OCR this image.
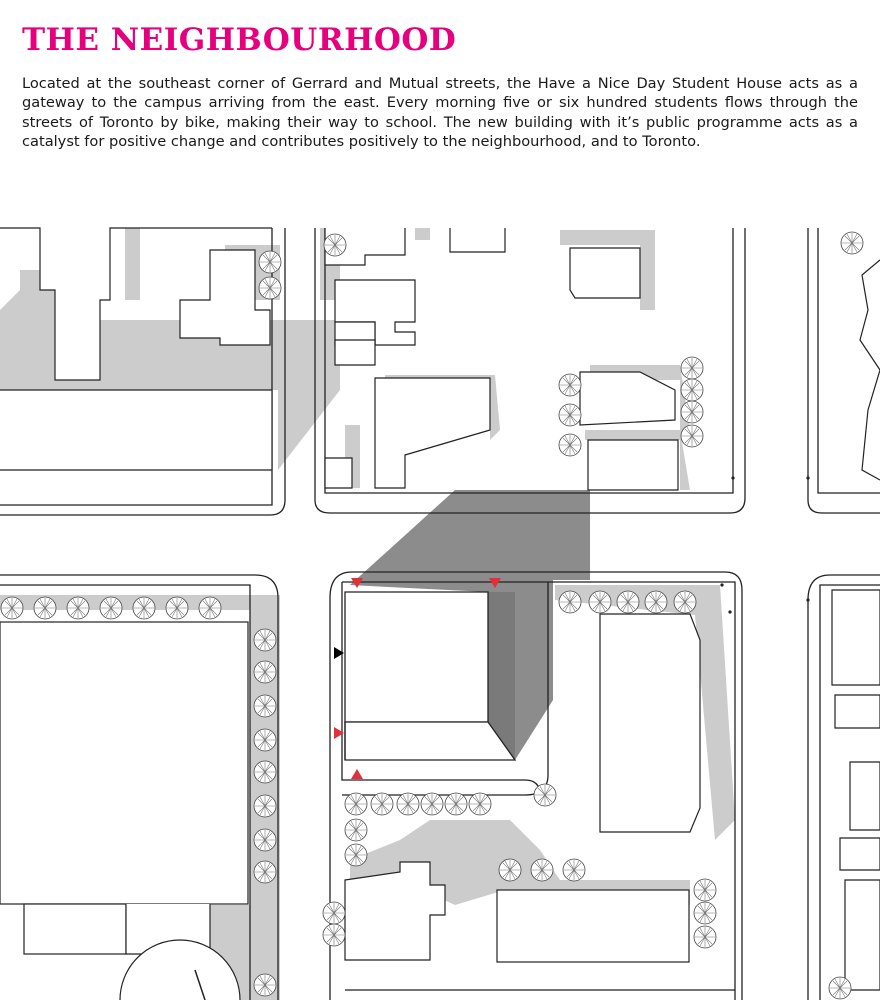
THE NEIGHBOURHOOD

Located at the southeast corner of Gerrard and Mutual streets, the Have a Nice Day Student House acts as a gateway to the campus arriving from the east. Every morning five or six hundred students flows through the streets of Toronto by bike, making their way to school. The new building with it’s public programme acts as a catalyst for positive change and contributes positively to the neighbourhood, and to Toronto.
